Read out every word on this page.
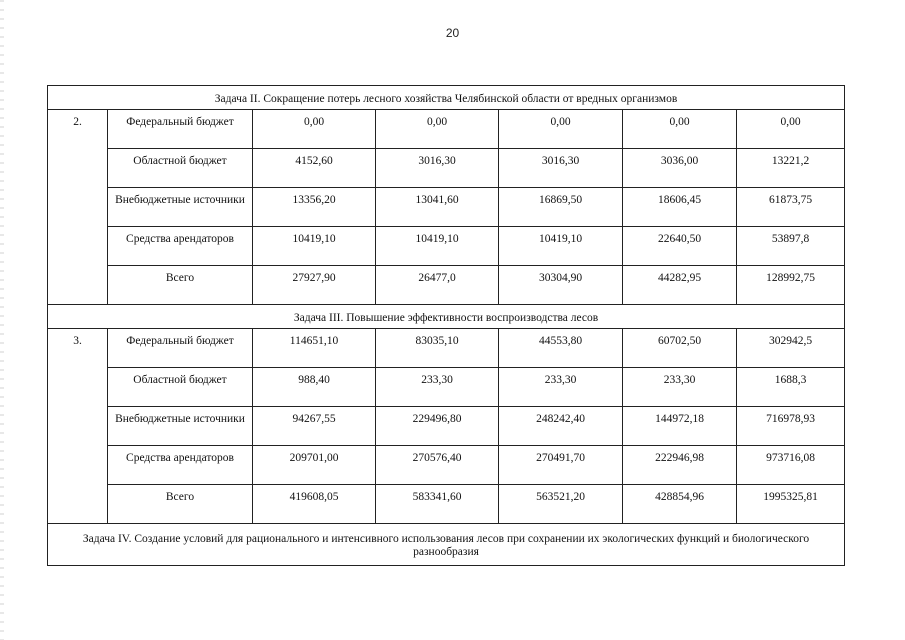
20
Задача II. Сокращение потерь лесного хозяйства Челябинской области от вредных организмов						
2.	Федеральный бюджет	0,00	0,00	0,00	0,00	0,00
	Областной бюджет	4152,60	3016,30	3016,30	3036,00	13221,2
	Внебюджетные источники	13356,20	13041,60	16869,50	18606,45	61873,75
	Средства арендаторов	10419,10	10419,10	10419,10	22640,50	53897,8
	Всего	27927,90	26477,0	30304,90	44282,95	128992,75
Задача III. Повышение эффективности воспроизводства лесов						
3.	Федеральный бюджет	114651,10	83035,10	44553,80	60702,50	302942,5
	Областной бюджет	988,40	233,30	233,30	233,30	1688,3
	Внебюджетные источники	94267,55	229496,80	248242,40	144972,18	716978,93
	Средства арендаторов	209701,00	270576,40	270491,70	222946,98	973716,08
	Всего	419608,05	583341,60	563521,20	428854,96	1995325,81
Задача IV. Создание условий для рационального и интенсивного использования лесов при сохранении их экологических функций и биологического разнообразия						
